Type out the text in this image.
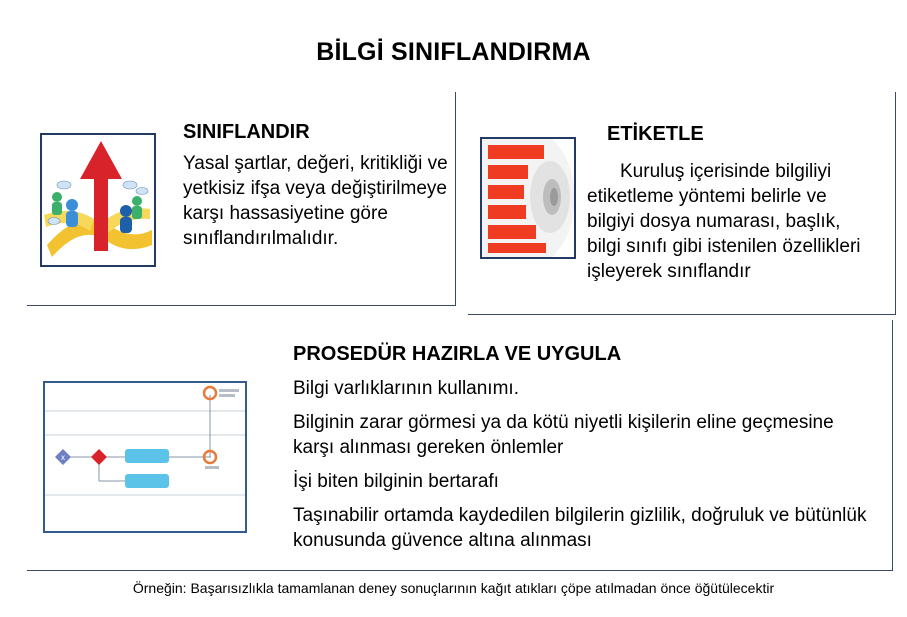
BİLGİ SINIFLANDIRMA
SINIFLANDIR
Yasal şartlar, değeri, kritikliği ve yetkisiz ifşa veya değiştirilmeye karşı hassasiyetine göre sınıflandırılmalıdır.
ETİKETLE
Kuruluş içerisinde bilgiliyi etiketleme yöntemi belirle ve bilgiyi dosya numarası, başlık, bilgi sınıfı gibi istenilen özellikleri işleyerek sınıflandır
x
PROSEDÜR HAZIRLA VE UYGULA

Bilgi varlıklarının kullanımı.

Bilginin zarar görmesi ya da kötü niyetli kişilerin eline geçmesine karşı alınması gereken önlemler

İşi biten bilginin bertarafı

Taşınabilir ortamda kaydedilen bilgilerin gizlilik, doğruluk ve bütünlük konusunda güvence altına alınması

Örneğin: Başarısızlıkla tamamlanan deney sonuçlarının kağıt atıkları çöpe atılmadan önce öğütülecektir
